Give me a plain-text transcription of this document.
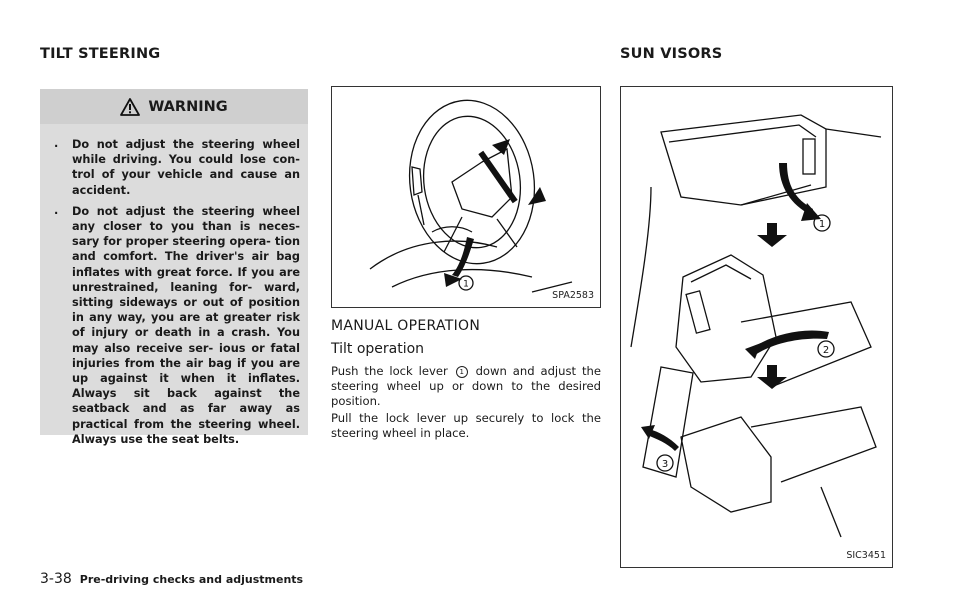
TILT STEERING	SUN VISORS
WARNING
. Do not adjust the steering wheel while driving. You could lose con- trol of your vehicle and cause an accident.
. Do not adjust the steering wheel any closer to you than is neces- sary for proper steering opera- tion and comfort. The driver's air bag inflates with great force. If you are unrestrained, leaning for- ward, sitting sideways or out of position in any way, you are at greater risk of injury or death in a crash. You may also receive ser- ious or fatal injuries from the air bag if you are up against it when it inflates. Always sit back against the seatback and as far away as practical from the steering wheel. Always use the seat belts.
1
SPA2583
1
2
3
SIC3451
MANUAL OPERATION
Tilt operation

Push the lock lever 1 down and adjust the steering wheel up or down to the desired position.

Pull the lock lever up securely to lock the steering wheel in place.

3-38 Pre-driving checks and adjustments
